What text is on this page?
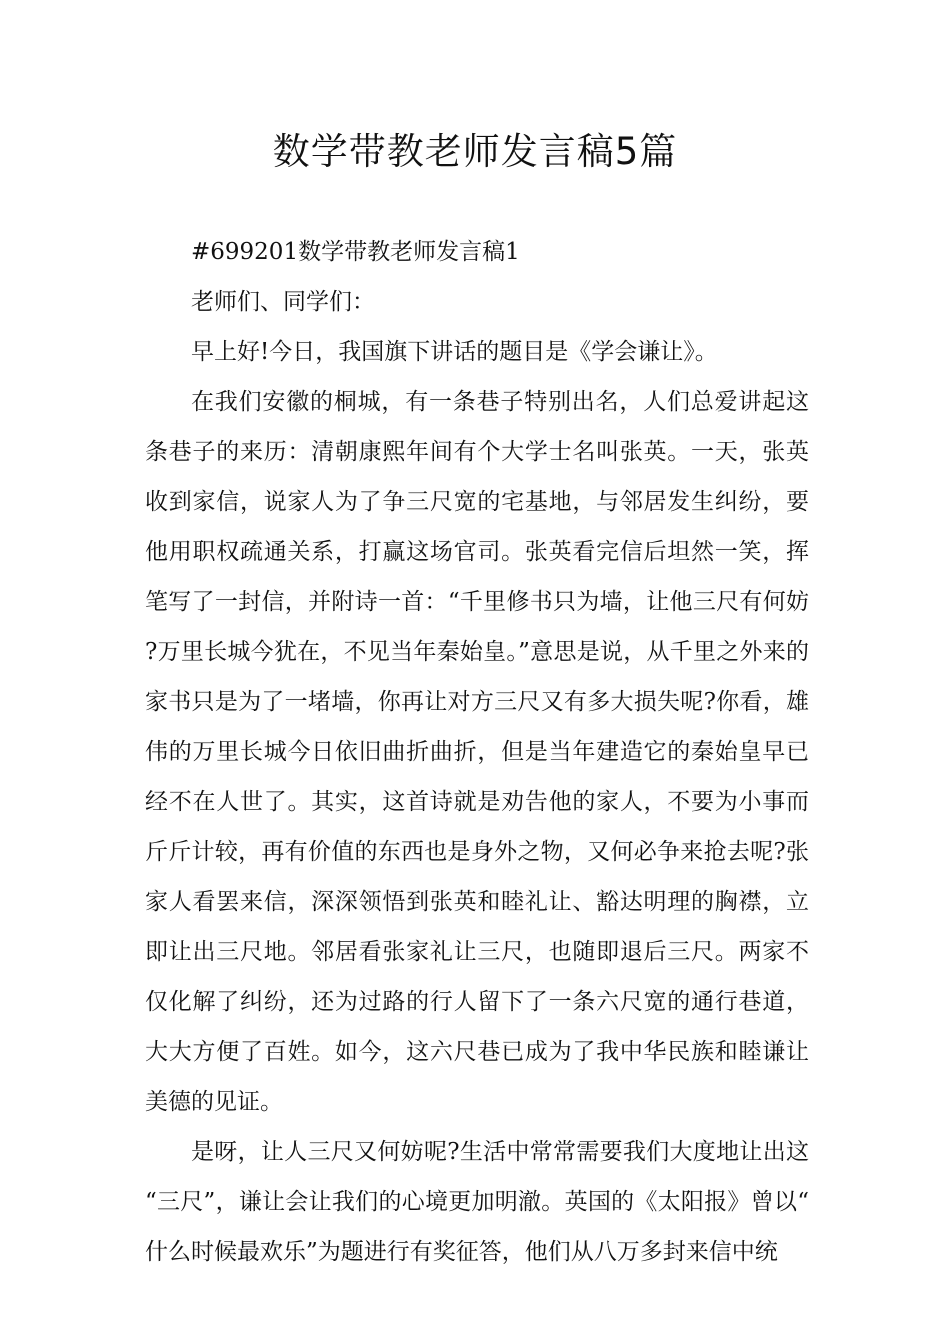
数学带教老师发言稿5篇

#699201数学带教老师发言稿1

老师们、同学们：

早上好!今日，我国旗下讲话的题目是《学会谦让》。

在我们安徽的桐城，有一条巷子特别出名，人们总爱讲起这条巷子的来历：清朝康熙年间有个大学士名叫张英。一天，张英收到家信，说家人为了争三尺宽的宅基地，与邻居发生纠纷，要他用职权疏通关系，打赢这场官司。张英看完信后坦然一笑，挥笔写了一封信，并附诗一首：“千里修书只为墙，让他三尺有何妨?万里长城今犹在，不见当年秦始皇。”意思是说，从千里之外来的家书只是为了一堵墙，你再让对方三尺又有多大损失呢?你看，雄伟的万里长城今日依旧曲折曲折，但是当年建造它的秦始皇早已经不在人世了。其实，这首诗就是劝告他的家人，不要为小事而斤斤计较，再有价值的东西也是身外之物，又何必争来抢去呢?张家人看罢来信，深深领悟到张英和睦礼让、豁达明理的胸襟，立即让出三尺地。邻居看张家礼让三尺，也随即退后三尺。两家不仅化解了纠纷，还为过路的行人留下了一条六尺宽的通行巷道，大大方便了百姓。如今，这六尺巷已成为了我中华民族和睦谦让美德的见证。

是呀，让人三尺又何妨呢?生活中常常需要我们大度地让出这“三尺”，谦让会让我们的心境更加明澈。英国的《太阳报》曾以“什么时候最欢乐”为题进行有奖征答，他们从八万多封来信中统
